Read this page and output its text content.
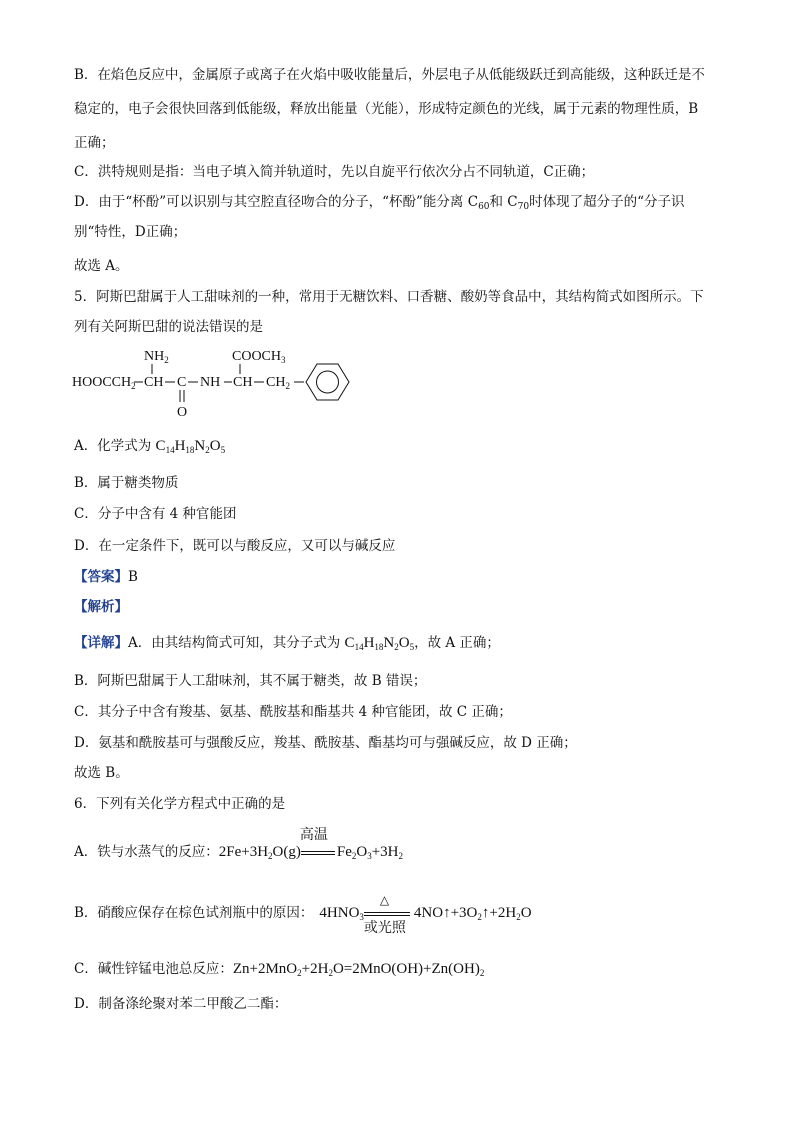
B．在焰色反应中，金属原子或离子在火焰中吸收能量后，外层电子从低能级跃迁到高能级，这种跃迁是不
稳定的，电子会很快回落到低能级，释放出能量（光能），形成特定颜色的光线，属于元素的物理性质，B
正确；
C．洪特规则是指：当电子填入简并轨道时，先以自旋平行依次分占不同轨道，C正确；
D．由于“杯酚”可以识别与其空腔直径吻合的分子，“杯酚”能分离 $C_{60}$和 $C_{70}$时体现了超分子的“分子识
别“特性，D正确；
故选 A。
5．阿斯巴甜属于人工甜味剂的一种，常用于无糖饮料、口香糖、酸奶等食品中，其结构简式如图所示。下
列有关阿斯巴甜的说法错误的是
$NH_2$	$COOCH_3$
$HOOCCH_2$ CH C NH CH $CH_2$
O
A．化学式为 $C_{14}H_{18}N_2O_5$
B．属于糖类物质
C．分子中含有 4 种官能团
D．在一定条件下，既可以与酸反应，又可以与碱反应
【答案】B
【解析】
【详解】A．由其结构简式可知，其分子式为 $C_{14}H_{18}N_2O_5$，故 A 正确；
B．阿斯巴甜属于人工甜味剂，其不属于糖类，故 B 错误；
C．其分子中含有羧基、氨基、酰胺基和酯基共 4 种官能团，故 C 正确；
D．氨基和酰胺基可与强酸反应，羧基、酰胺基、酯基均可与强碱反应，故 D 正确；
故选 B。
6．下列有关化学方程式中正确的是
A．铁与水蒸气的反应：$2Fe+3H_2O(g)$
高温
$Fe_2O_3+3H_2$
B．硝酸应保存在棕色试剂瓶中的原因： $4HNO_3$
△
或光照
$4NO↑+3O_2↑+2H_2O$
C．碱性锌锰电池总反应：$Zn+2MnO_2+2H_2O=2MnO(OH)+Zn(OH)_2$
D．制备涤纶聚对苯二甲酸乙二酯：
